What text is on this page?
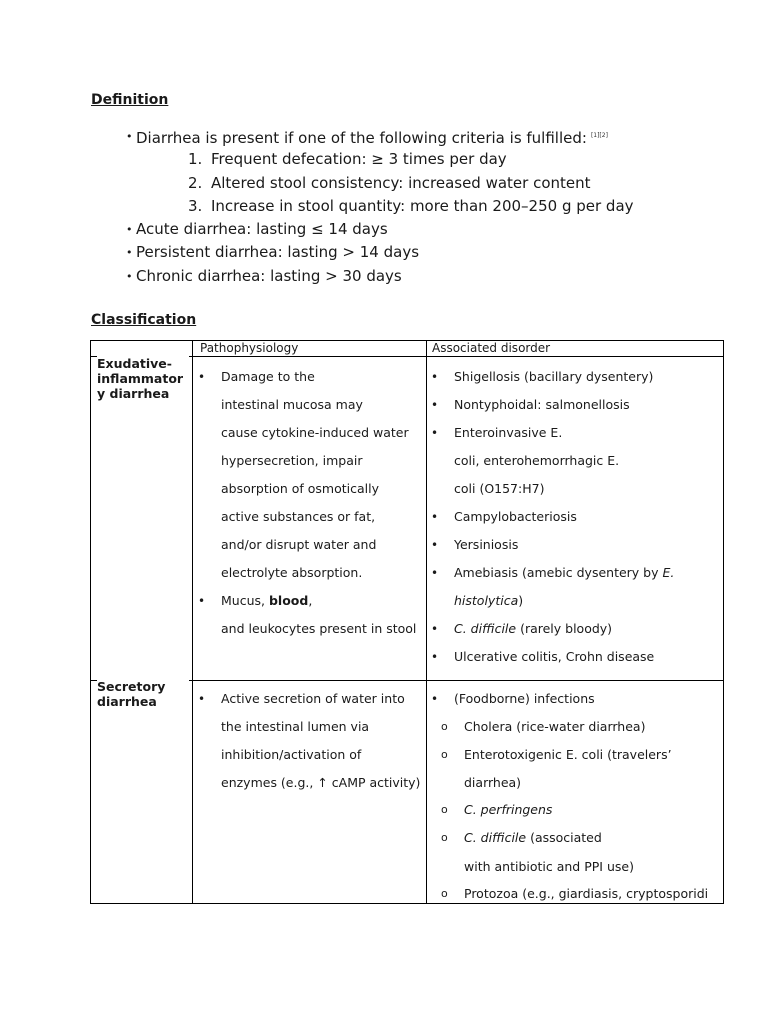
Definition
•
Diarrhea is present if one of the following criteria is fulfilled: [1][2]
1. Frequent defecation: ≥ 3 times per day
2. Altered stool consistency: increased water content
3. Increase in stool quantity: more than 200–250 g per day
•
Acute diarrhea: lasting ≤ 14 days
•
Persistent diarrhea: lasting > 14 days
•
Chronic diarrhea: lasting > 30 days
Classification
Pathophysiology	Associated disorder
Exudative-
inflammator
y diarrhea
• Damage to the
intestinal mucosa may
cause cytokine-induced water
hypersecretion, impair
absorption of osmotically
active substances or fat,
and/or disrupt water and
electrolyte absorption.
• Mucus, blood,
and leukocytes present in stool
• Shigellosis (bacillary dysentery)
• Nontyphoidal: salmonellosis
• Enteroinvasive E.
coli, enterohemorrhagic E.
coli (O157:H7)
• Campylobacteriosis
• Yersiniosis
• Amebiasis (amebic dysentery by E.
histolytica)
• C. difficile (rarely bloody)
• Ulcerative colitis, Crohn disease
Secretory
diarrhea	• Active secretion of water into
the intestinal lumen via
inhibition/activation of
enzymes (e.g., ↑ cAMP activity)
• (Foodborne) infections
o Cholera (rice-water diarrhea)
o Enterotoxigenic E. coli (travelers’
diarrhea)
o C. perfringens
o C. difficile (associated
with antibiotic and PPI use)
o Protozoa (e.g., giardiasis, cryptosporidi
